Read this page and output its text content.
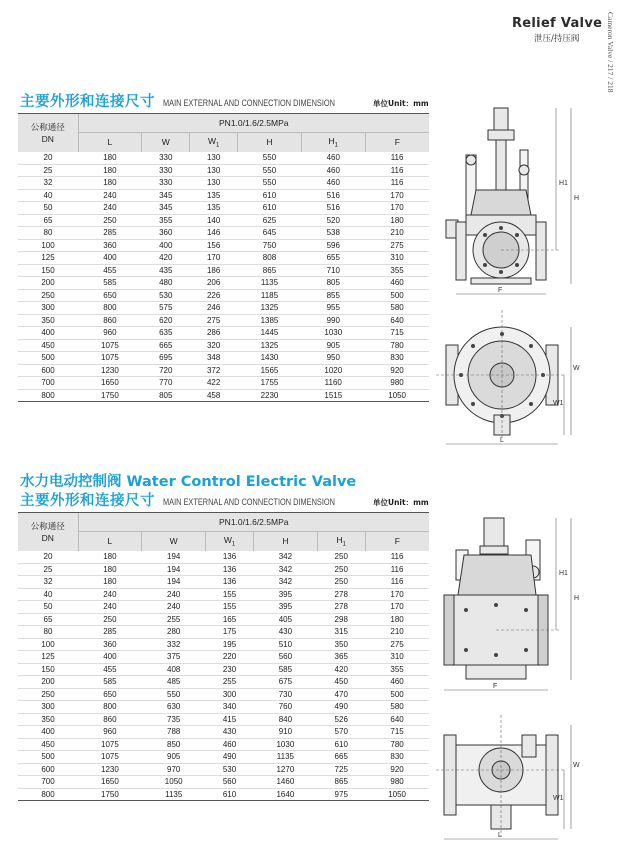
Relief Valve
泄压/持压阀	Cameron Valve / 217 / 218
主要外形和连接尺寸 MAIN EXTERNAL AND CONNECTION DIMENSION	单位Unit：mm
公称通径
DN	PN1.0/1.6/2.5MPa					
	L	W	$W_1$	H	$H_1$	F
20	180	330	130	550	460	116
25	180	330	130	550	460	116
32	180	330	130	550	460	116
40	240	345	135	610	516	170
50	240	345	135	610	516	170
65	250	355	140	625	520	180
80	285	360	146	645	538	210
100	360	400	156	750	596	275
125	400	420	170	808	655	310
150	455	435	186	865	710	355
200	585	480	206	1135	805	460
250	650	530	226	1185	855	500
300	800	575	246	1325	955	580
350	860	620	275	1385	990	640
400	960	635	286	1445	1030	715
450	1075	665	320	1325	905	780
500	1075	695	348	1430	950	830
600	1230	720	372	1565	1020	920
700	1650	770	422	1755	1160	980
800	1750	805	458	2230	1515	1050
水力电动控制阀 Water Control Electric Valve
主要外形和连接尺寸 MAIN EXTERNAL AND CONNECTION DIMENSION	单位Unit：mm
公称通径
DN	PN1.0/1.6/2.5MPa					
	L	W	$W_1$	H	$H_1$	F
20	180	194	136	342	250	116
25	180	194	136	342	250	116
32	180	194	136	342	250	116
40	240	240	155	395	278	170
50	240	240	155	395	278	170
65	250	255	165	405	298	180
80	285	280	175	430	315	210
100	360	332	195	510	350	275
125	400	375	220	560	365	310
150	455	408	230	585	420	355
200	585	485	255	675	450	460
250	650	550	300	730	470	500
300	800	630	340	760	490	580
350	860	735	415	840	526	640
400	960	788	430	910	570	715
450	1075	850	460	1030	610	780
500	1075	905	490	1135	665	830
600	1230	970	530	1270	725	920
700	1650	1050	560	1460	865	980
800	1750	1135	610	1640	975	1050
H1
H
F
W
W1
L
H1
H
F
W
W1
L
